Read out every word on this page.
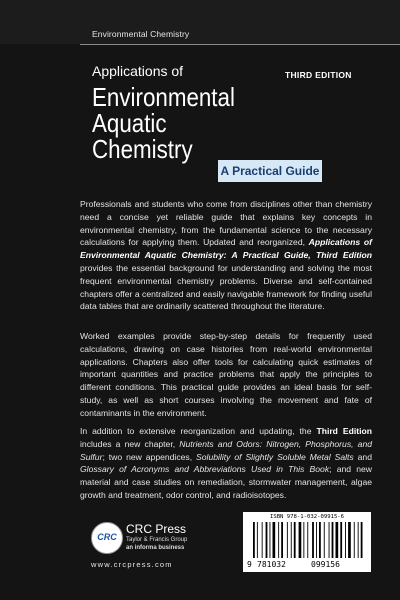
Environmental Chemistry
Applications of	THIRD EDITION
Environmental
Aquatic
Chemistry
A Practical Guide
Professionals and students who come from disciplines other than chemistry need a concise yet reliable guide that explains key concepts in environmental chemistry, from the fundamental science to the necessary calculations for applying them. Updated and reorganized, Applications of Environmental Aquatic Chemistry: A Practical Guide, Third Edition provides the essential background for understanding and solving the most frequent environmental chemistry problems. Diverse and self-contained chapters offer a centralized and easily navigable framework for finding useful data tables that are ordinarily scattered throughout the literature.
Worked examples provide step-by-step details for frequently used calculations, drawing on case histories from real-world environmental applications. Chapters also offer tools for calculating quick estimates of important quantities and practice problems that apply the principles to different conditions. This practical guide provides an ideal basis for self-study, as well as short courses involving the movement and fate of contaminants in the environment.
In addition to extensive reorganization and updating, the Third Edition includes a new chapter, Nutrients and Odors: Nitrogen, Phosphorus, and Sulfur; two new appendices, Solubility of Slightly Soluble Metal Salts and Glossary of Acronyms and Abbreviations Used in This Book; and new material and case studies on remediation, stormwater management, algae growth and treatment, odor control, and radioisotopes.
CRC
CRC Press
Taylor & Francis Group
an informa business
www.crcpress.com
ISBN 978-1-032-09915-6
9 781032	099156
